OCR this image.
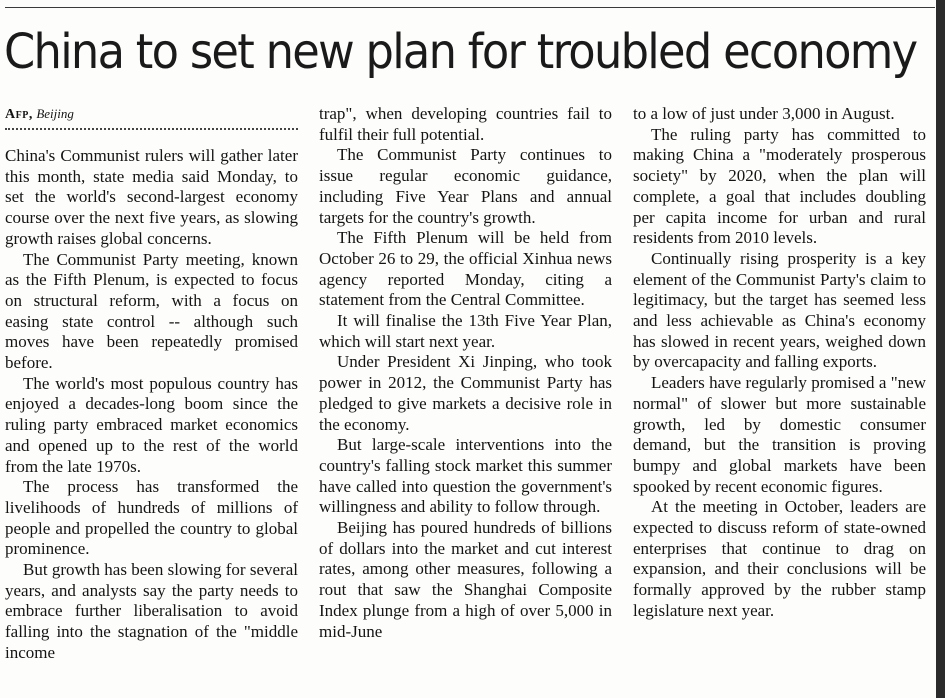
China to set new plan for troubled economy
Afp, Beijing

China's Communist rulers will gather later this month, state media said Monday, to set the world's second-largest economy course over the next five years, as slowing growth raises global concerns.

The Communist Party meeting, known as the Fifth Plenum, is expected to focus on structural reform, with a focus on easing state control -- although such moves have been repeatedly promised before.

The world's most populous country has enjoyed a decades-long boom since the ruling party embraced market economics and opened up to the rest of the world from the late 1970s.

The process has transformed the livelihoods of hundreds of millions of people and propelled the country to global prominence.

But growth has been slowing for several years, and analysts say the party needs to embrace further liberalisation to avoid falling into the stagnation of the "middle income

trap", when developing countries fail to fulfil their full potential.

The Communist Party continues to issue regular economic guidance, including Five Year Plans and annual targets for the country's growth.

The Fifth Plenum will be held from October 26 to 29, the official Xinhua news agency reported Monday, citing a statement from the Central Committee.

It will finalise the 13th Five Year Plan, which will start next year.

Under President Xi Jinping, who took power in 2012, the Communist Party has pledged to give markets a decisive role in the economy.

But large-scale interventions into the country's falling stock market this summer have called into question the government's willingness and ability to follow through.

Beijing has poured hundreds of billions of dollars into the market and cut interest rates, among other measures, following a rout that saw the Shanghai Composite Index plunge from a high of over 5,000 in mid-June

to a low of just under 3,000 in August.

The ruling party has committed to making China a "moderately prosperous society" by 2020, when the plan will complete, a goal that includes doubling per capita income for urban and rural residents from 2010 levels.

Continually rising prosperity is a key element of the Communist Party's claim to legitimacy, but the target has seemed less and less achievable as China's economy has slowed in recent years, weighed down by overcapacity and falling exports.

Leaders have regularly promised a "new normal" of slower but more sustainable growth, led by domestic consumer demand, but the transition is proving bumpy and global markets have been spooked by recent economic figures.

At the meeting in October, leaders are expected to discuss reform of state-owned enterprises that continue to drag on expansion, and their conclusions will be formally approved by the rubber stamp legislature next year.
